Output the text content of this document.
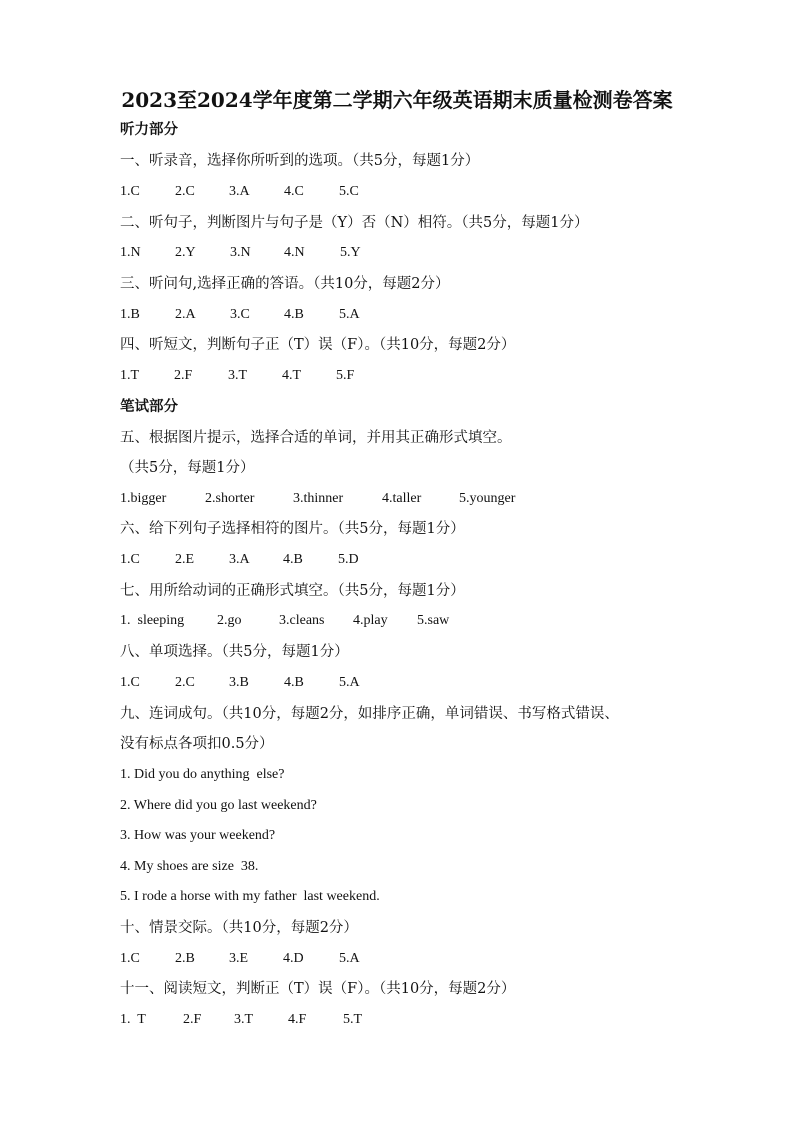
2023至2024学年度第二学期六年级英语期末质量检测卷答案
听力部分
一、听录音，选择你所听到的选项。（共5分，每题1分）
1.C	2.C 3.A 4.C	5.C
二、听句子，判断图片与句子是（Y）否（N）相符。（共5分，每题1分）
1.N 2.Y 3.N 4.N	5.Y
三、听问句,选择正确的答语。（共10分，每题2分）
1.B	2.A 3.C 4.B	5.A
四、听短文，判断句子正（T）误（F）。（共10分，每题2分）
1.T 2.F	3.T 4.T 5.F
笔试部分
五、根据图片提示，选择合适的单词，并用其正确形式填空。
（共5分，每题1分）
1.bigger	2.shorter	3.thinner	4.taller	5.younger
六、给下列句子选择相符的图片。（共5分，每题1分）
1.C	2.E 3.A 4.B	5.D
七、用所给动词的正确形式填空。（共5分，每题1分）
1.  sleeping 2.go	3.cleans 4.play 5.saw
八、单项选择。（共5分，每题1分）
1.C	2.C 3.B	4.B	5.A
九、连词成句。（共10分，每题2分，如排序正确，单词错误、书写格式错误、
没有标点各项扣0.5分）
1. Did you do anything  else?
2. Where did you go last weekend?
3. How was your weekend?
4. My shoes are size  38.
5. I rode a horse with my father  last weekend.
十、情景交际。（共10分，每题2分）
1.C	2.B 3.E 4.D	5.A
十一、阅读短文，判断正（T）误（F）。（共10分，每题2分）
1.  T	2.F 3.T 4.F	5.T
